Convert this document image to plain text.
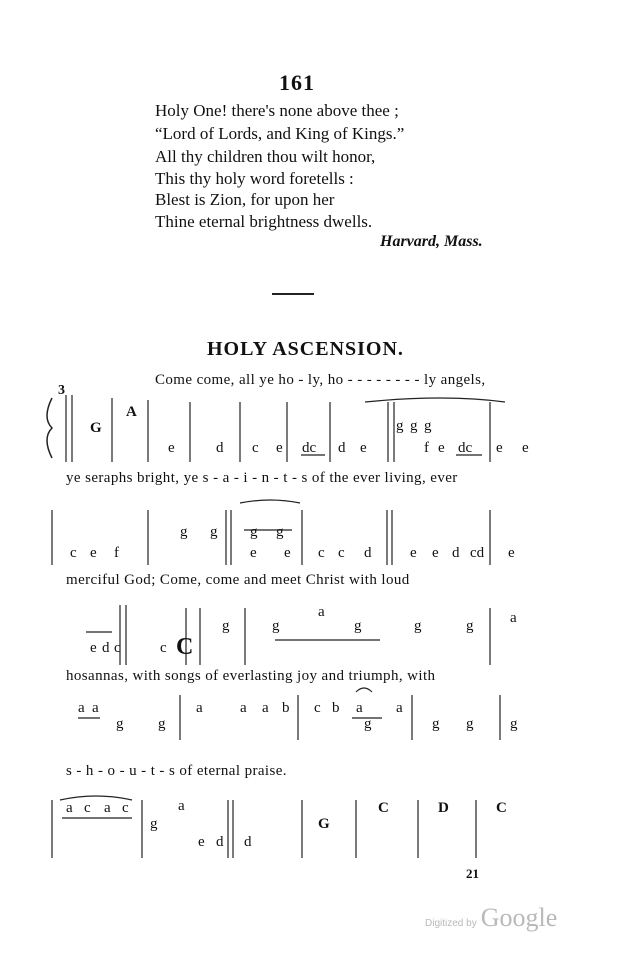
161
Holy One! there's none above thee ;
“Lord of Lords, and King of Kings.”
All thy children thou wilt honor,
This thy holy word foretells :
Blest is Zion, for upon her
Thine eternal brightness dwells.
Harvard, Mass.
HOLY ASCENSION.
3
Come come, all ye ho - ly, ho - - - - - - - - ly angels,
ye seraphs bright, ye s - a - i - n - t - s of the ever living, ever
merciful God; Come, come and meet Christ with loud
hosannas, with songs of everlasting joy and triumph, with
s - h - o - u - t - s of eternal praise.
G
A
e	d c e dc d e
g g g
f e dc e e
c e f
g g g g
e e c c d	e e d cd e
e d c	c C
g	g
a
g	g	g a
a a
g g
a a a b c b a
g
a
g g g
a c a c
g
a
e d d
G
C	D	C
21
Digitized by Google
